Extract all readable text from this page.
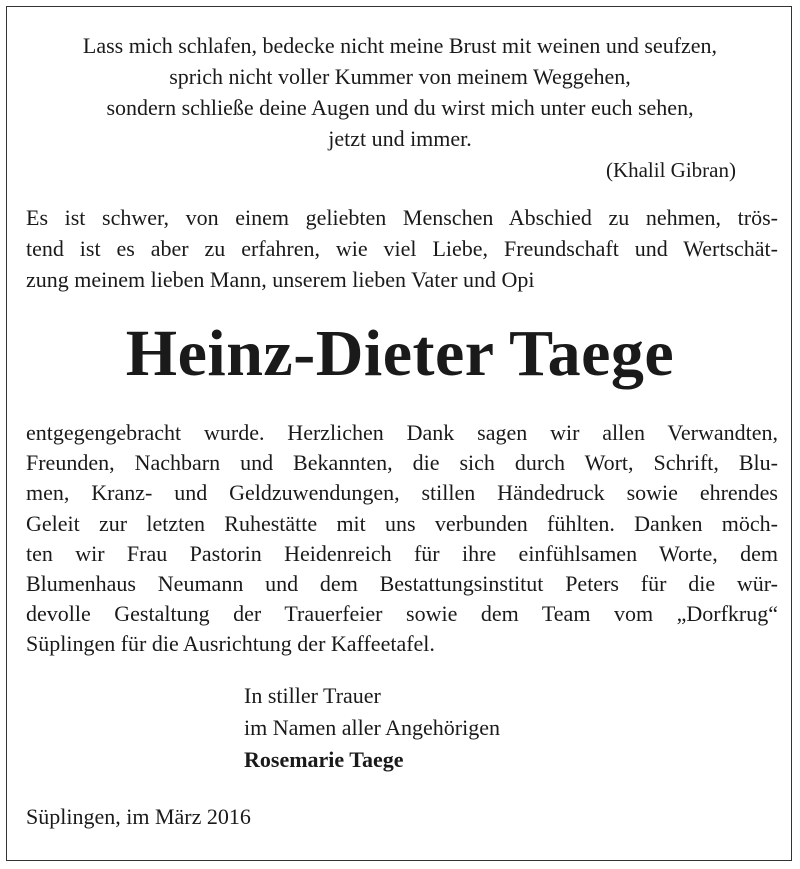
Lass mich schlafen, bedecke nicht meine Brust mit weinen und seufzen,
sprich nicht voller Kummer von meinem Weggehen,
sondern schließe deine Augen und du wirst mich unter euch sehen,
jetzt und immer.
(Khalil Gibran)
Es ist schwer, von einem geliebten Menschen Abschied zu nehmen, trös-
tend ist es aber zu erfahren, wie viel Liebe, Freundschaft und Wertschät-
zung meinem lieben Mann, unserem lieben Vater und Opi
Heinz-Dieter Taege
entgegengebracht wurde. Herzlichen Dank sagen wir allen Verwandten,
Freunden, Nachbarn und Bekannten, die sich durch Wort, Schrift, Blu-
men, Kranz- und Geldzuwendungen, stillen Händedruck sowie ehrendes
Geleit zur letzten Ruhestätte mit uns verbunden fühlten. Danken möch-
ten wir Frau Pastorin Heidenreich für ihre einfühlsamen Worte, dem
Blumenhaus Neumann und dem Bestattungsinstitut Peters für die wür-
devolle Gestaltung der Trauerfeier sowie dem Team vom „Dorfkrug“
Süplingen für die Ausrichtung der Kaffeetafel.
In stiller Trauer
im Namen aller Angehörigen
Rosemarie Taege
Süplingen, im März 2016
